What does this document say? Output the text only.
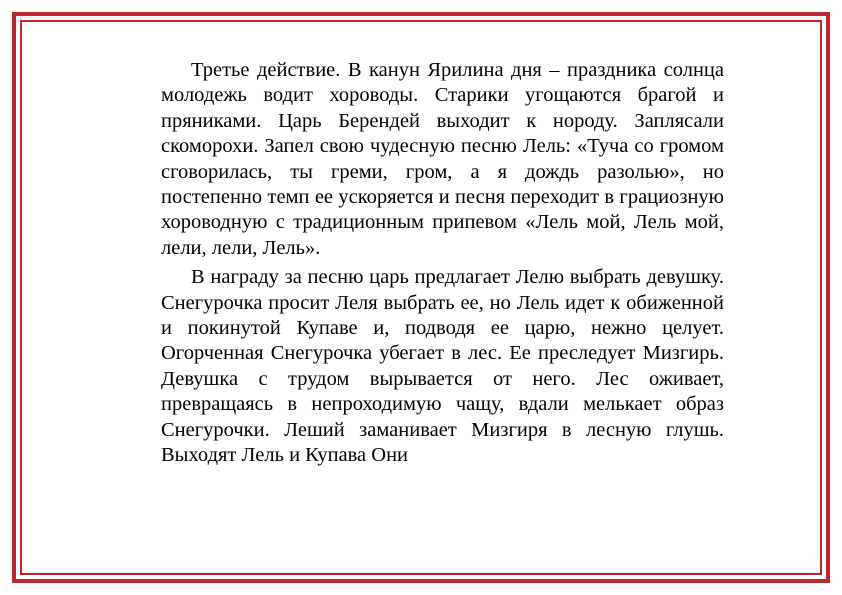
Третье действие. В канун Ярилина дня – праздника солнца молодежь водит хороводы. Старики угощаются брагой и пряниками. Царь Берендей выходит к нороду. Заплясали скоморохи. Запел свою чудесную песню Лель: «Туча со громом сговорилась, ты греми, гром, а я дождь разолью», но постепенно темп ее ускоряется и песня переходит в грациозную хороводную с традиционным припевом «Лель мой, Лель мой, лели, лели, Лель».

В награду за песню царь предлагает Лелю выбрать девушку. Снегурочка просит Леля выбрать ее, но Лель идет к обиженной и покинутой Купаве и, подводя ее царю, нежно целует. Огорченная Снегурочка убегает в лес. Ее преследует Мизгирь. Девушка с трудом вырывается от него. Лес оживает, превращаясь в непроходимую чащу, вдали мелькает образ Снегурочки. Леший заманивает Мизгиря в лесную глушь. Выходят Лель и Купава Они
